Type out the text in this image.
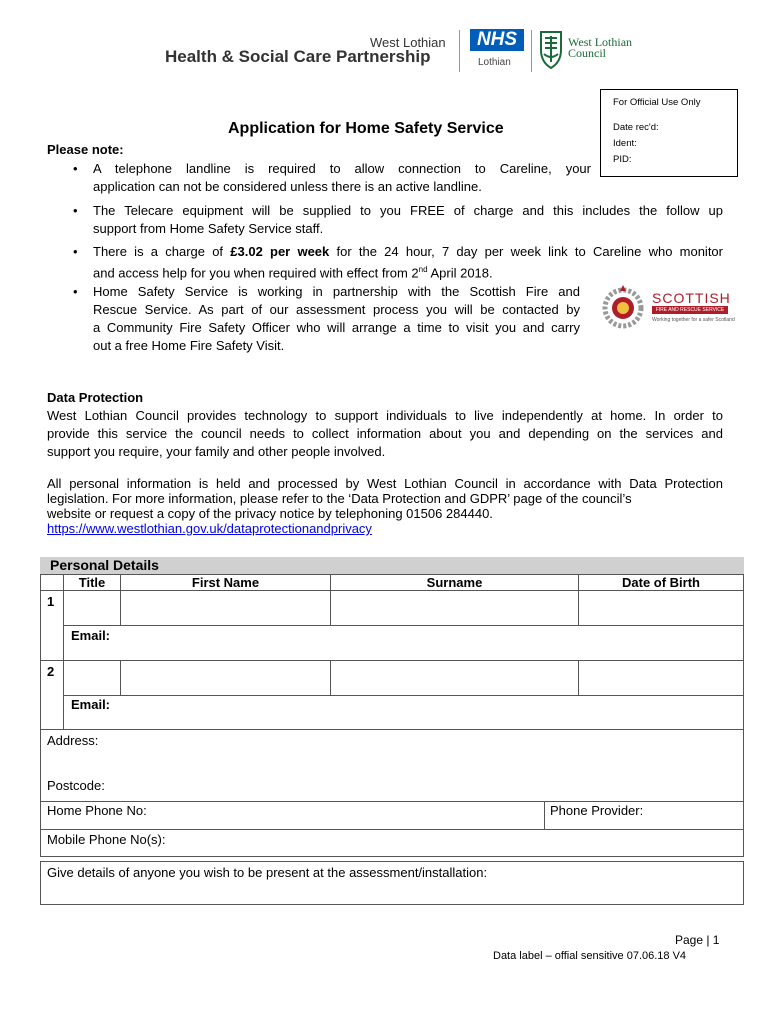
West Lothian
Health & Social Care Partnership
NHS
Lothian
West Lothian
Council
For Official Use Only
Date rec'd:
Ident:
PID:
Application for Home Safety Service
Please note:
• A telephone landline is required to allow connection to Careline, your
application can not be considered unless there is an active landline.
• The Telecare equipment will be supplied to you FREE of charge and this includes the follow up
support from Home Safety Service staff.
• There is a charge of £3.02 per week for the 24 hour, 7 day per week link to Careline who monitor
and access help for you when required with effect from 2nd April 2018.
• Home Safety Service is working in partnership with the Scottish Fire and
Rescue Service. As part of our assessment process you will be contacted by
a Community Fire Safety Officer who will arrange a time to visit you and carry
out a free Home Fire Safety Visit.
SCOTTISH
FIRE AND RESCUE SERVICE
Working together for a safer Scotland
Data Protection
West Lothian Council provides technology to support individuals to live independently at home. In order to
provide this service the council needs to collect information about you and depending on the services and
support you require, your family and other people involved.
All personal information is held and processed by West Lothian Council in accordance with Data Protection
legislation. For more information, please refer to the ‘Data Protection and GDPR’ page of the council’s
website or request a copy of the privacy notice by telephoning 01506 284440.
https://www.westlothian.gov.uk/dataprotectionandprivacy
Personal Details
Title	First Name	Surname	Date of Birth
1
Email:
2
Email:
Address:
Postcode:
Home Phone No:	Phone Provider:
Mobile Phone No(s):
Give details of anyone you wish to be present at the assessment/installation:
Page | 1
Data label – offial sensitive 07.06.18 V4
